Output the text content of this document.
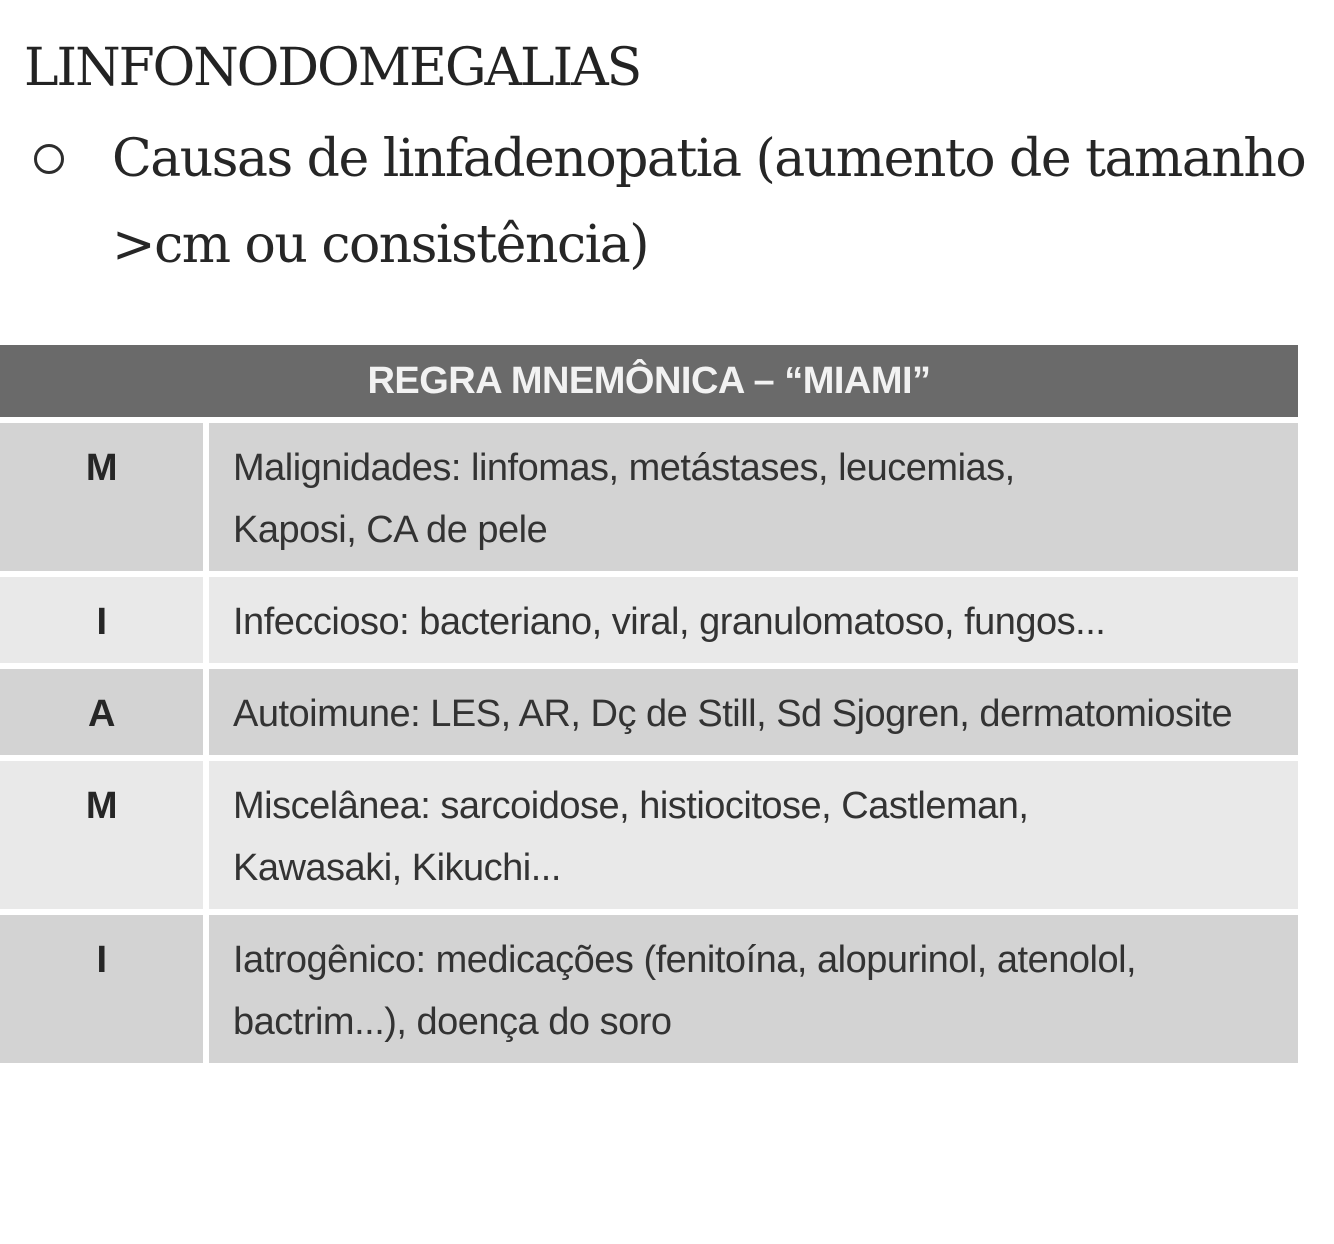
LINFONODOMEGALIAS

Causas de linfadenopatia (aumento de tamanho >cm ou consistência)

REGRA MNEMÔNICA – “MIAMI”	
M	Malignidades: linfomas, metástases, leucemias, Kaposi, CA de pele
I	Infeccioso: bacteriano, viral, granulomatoso, fungos...
A	Autoimune: LES, AR, Dç de Still, Sd Sjogren, dermatomiosite
M	Miscelânea: sarcoidose, histiocitose, Castleman, Kawasaki, Kikuchi...
I	Iatrogênico: medicações (fenitoína, alopurinol, atenolol, bactrim...), doença do soro
